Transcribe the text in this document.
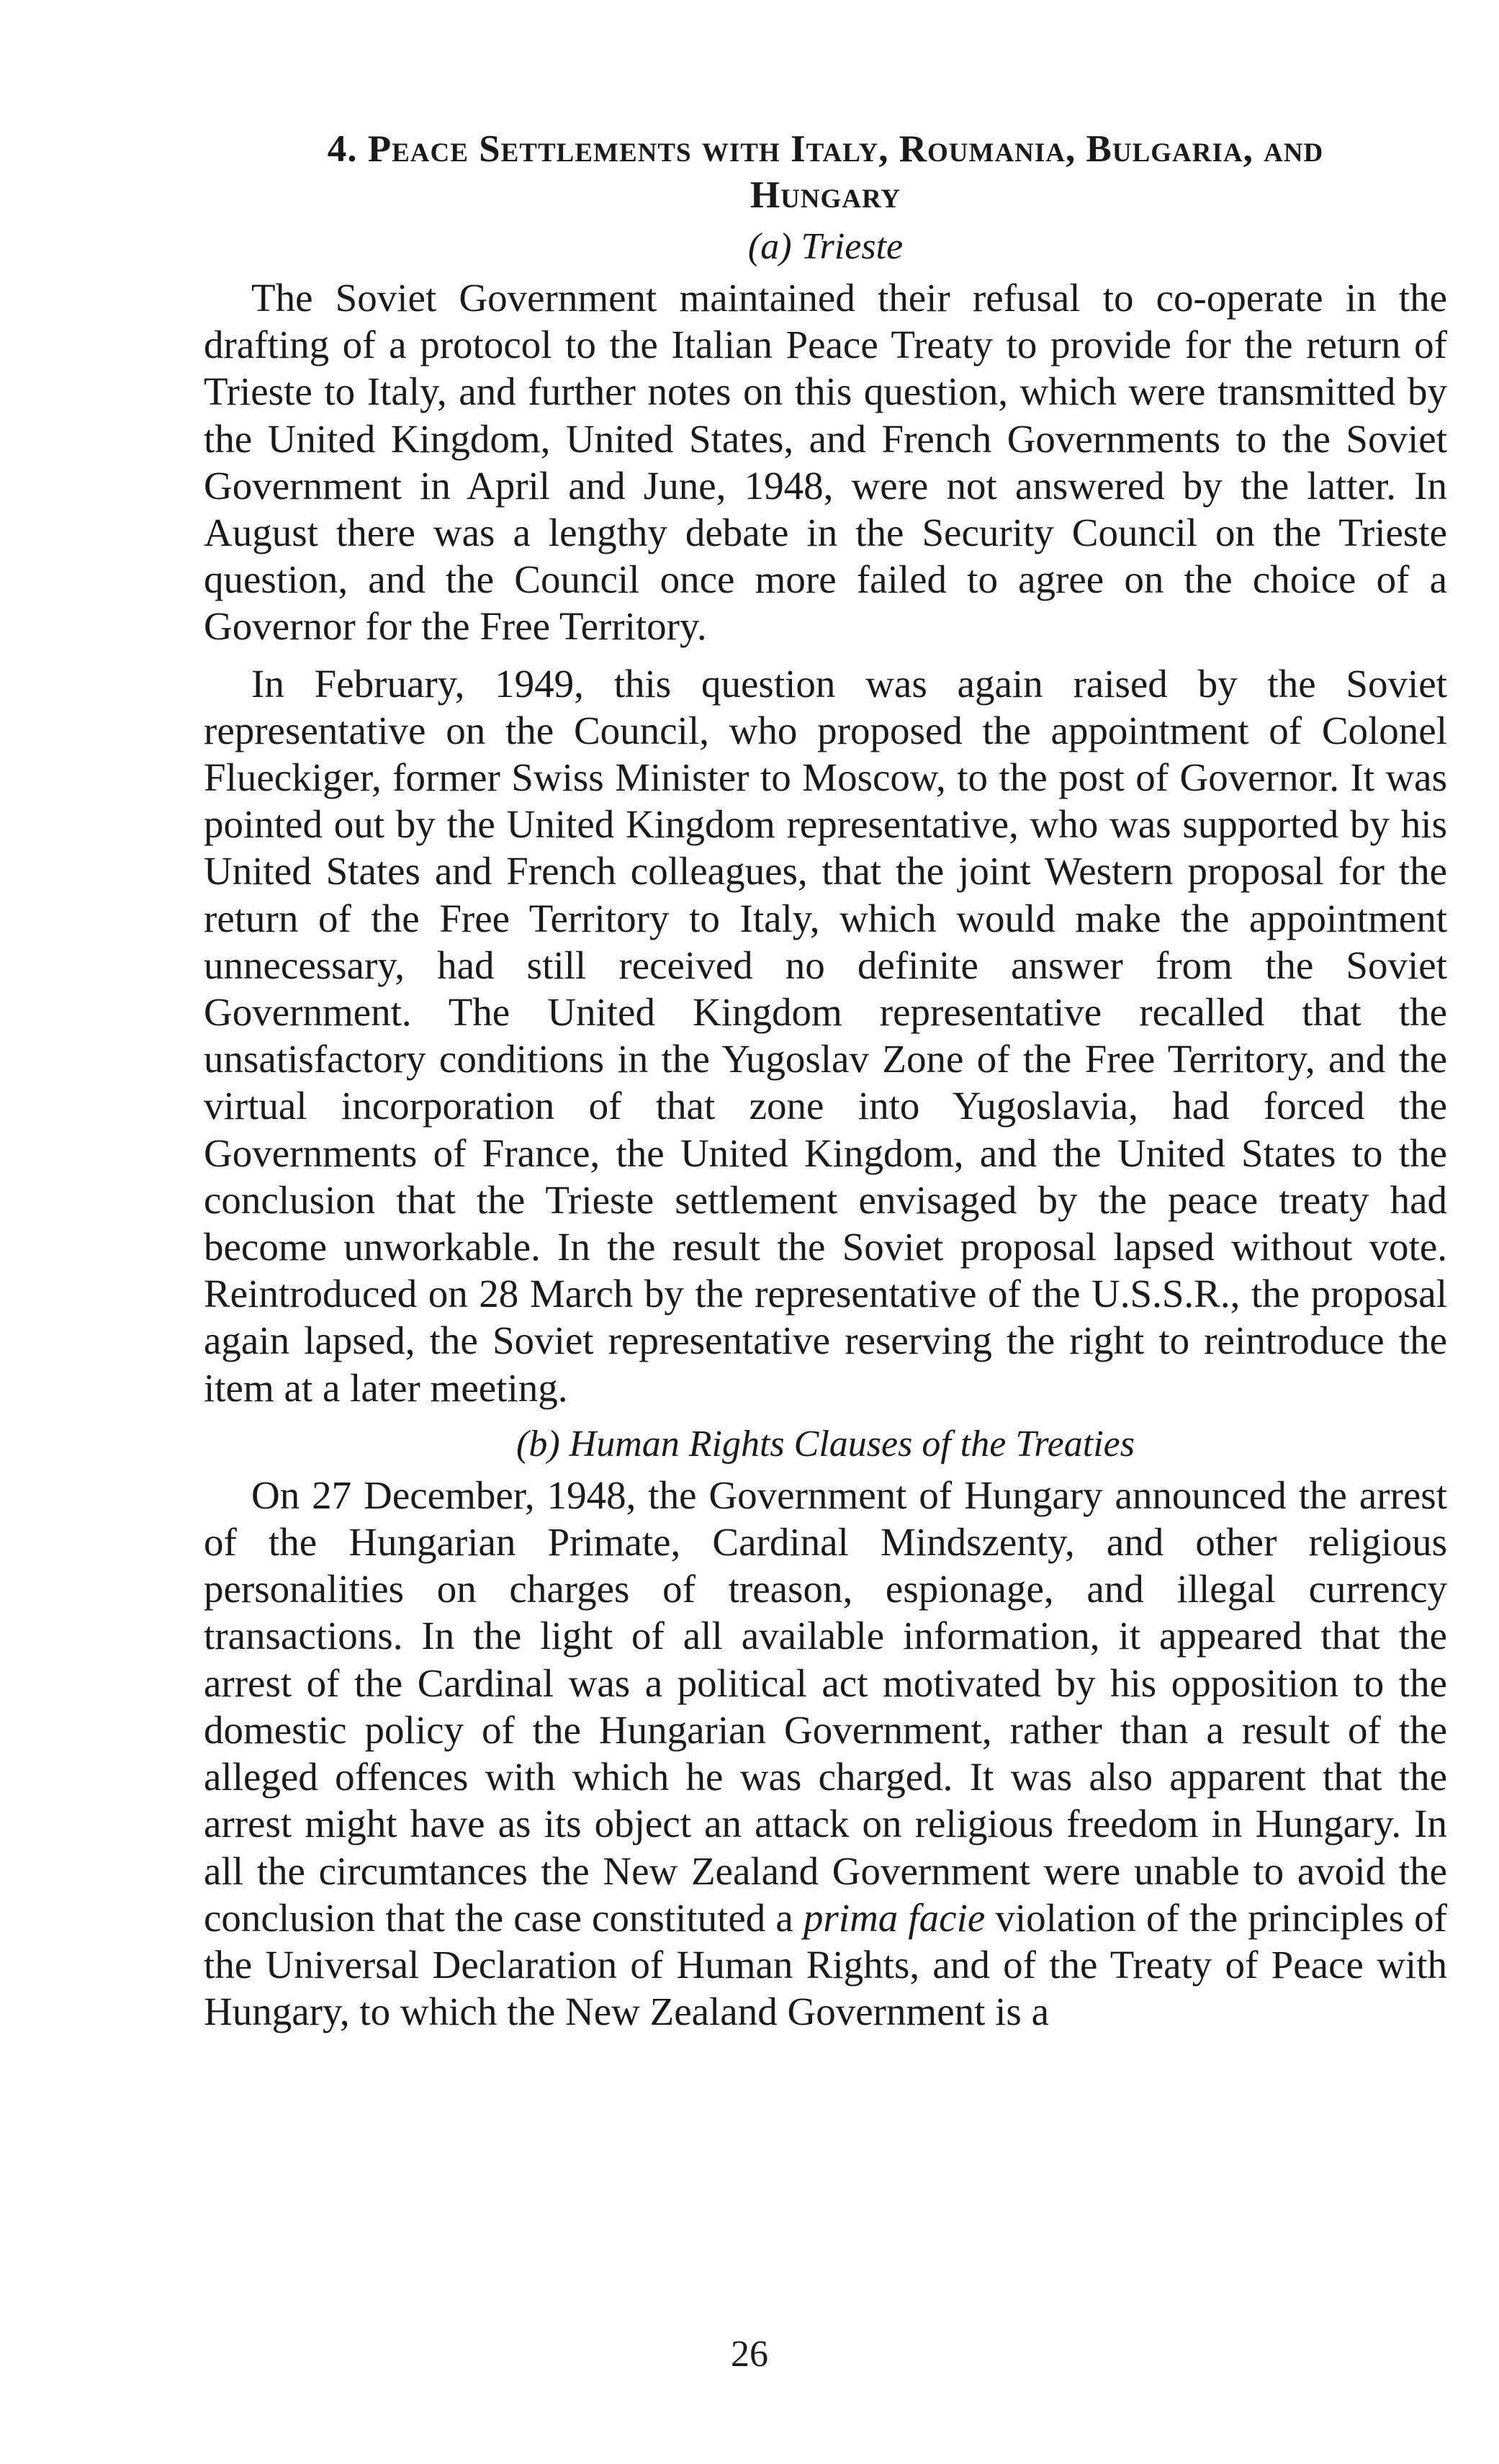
4. Peace Settlements with Italy, Roumania, Bulgaria, and
Hungary
(a) Trieste

The Soviet Government maintained their refusal to co-operate in the drafting of a protocol to the Italian Peace Treaty to provide for the return of Trieste to Italy, and further notes on this question, which were transmitted by the United Kingdom, United States, and French Governments to the Soviet Government in April and June, 1948, were not answered by the latter. In August there was a lengthy debate in the Security Council on the Trieste question, and the Council once more failed to agree on the choice of a Governor for the Free Territory.

In February, 1949, this question was again raised by the Soviet representative on the Council, who proposed the appointment of Colonel Flueckiger, former Swiss Minister to Moscow, to the post of Governor. It was pointed out by the United Kingdom representative, who was supported by his United States and French colleagues, that the joint Western proposal for the return of the Free Territory to Italy, which would make the appointment unnecessary, had still received no definite answer from the Soviet Government. The United Kingdom representative recalled that the unsatisfactory conditions in the Yugoslav Zone of the Free Territory, and the virtual incorporation of that zone into Yugoslavia, had forced the Governments of France, the United Kingdom, and the United States to the conclusion that the Trieste settlement envisaged by the peace treaty had become unworkable. In the result the Soviet proposal lapsed without vote. Reintroduced on 28 March by the representative of the U.S.S.R., the proposal again lapsed, the Soviet representative reserving the right to reintroduce the item at a later meeting.

(b) Human Rights Clauses of the Treaties

On 27 December, 1948, the Government of Hungary announced the arrest of the Hungarian Primate, Cardinal Mindszenty, and other religious personalities on charges of treason, espionage, and illegal currency transactions. In the light of all available information, it appeared that the arrest of the Cardinal was a political act motivated by his opposition to the domestic policy of the Hungarian Government, rather than a result of the alleged offences with which he was charged. It was also apparent that the arrest might have as its object an attack on religious freedom in Hungary. In all the circumtances the New Zealand Government were unable to avoid the conclusion that the case constituted a prima facie violation of the principles of the Universal Declaration of Human Rights, and of the Treaty of Peace with Hungary, to which the New Zealand Government is a

26
